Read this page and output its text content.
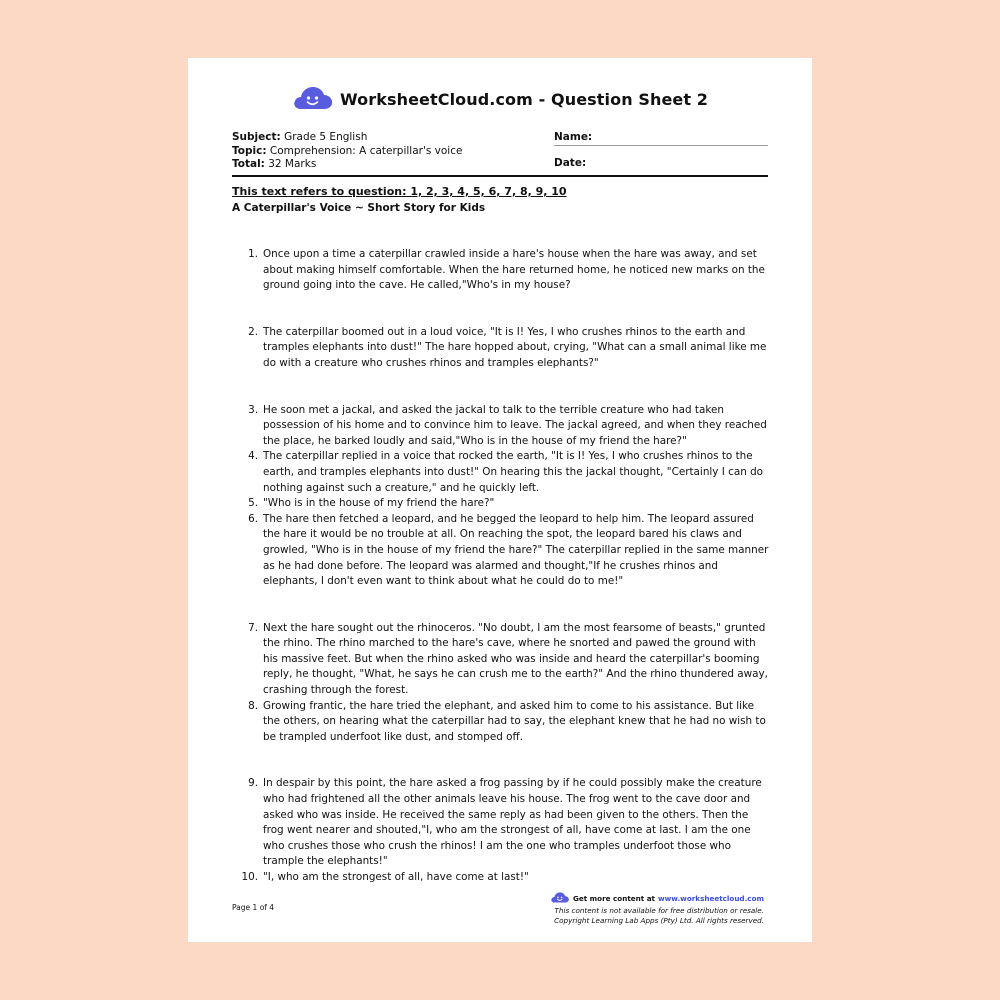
WorksheetCloud.com - Question Sheet 2
Subject: Grade 5 English
Topic: Comprehension: A caterpillar's voice
Total: 32 Marks
Name:
Date:
This text refers to question: 1, 2, 3, 4, 5, 6, 7, 8, 9, 10
A Caterpillar's Voice ~ Short Story for Kids
1. Once upon a time a caterpillar crawled inside a hare's house when the hare was away, and set about making himself comfortable. When the hare returned home, he noticed new marks on the ground going into the cave. He called,"Who's in my house?
2. The caterpillar boomed out in a loud voice, "It is I! Yes, I who crushes rhinos to the earth and tramples elephants into dust!" The hare hopped about, crying, "What can a small animal like me do with a creature who crushes rhinos and tramples elephants?"
3. He soon met a jackal, and asked the jackal to talk to the terrible creature who had taken possession of his home and to convince him to leave. The jackal agreed, and when they reached the place, he barked loudly and said,"Who is in the house of my friend the hare?"
4. The caterpillar replied in a voice that rocked the earth, "It is I! Yes, I who crushes rhinos to the earth, and tramples elephants into dust!" On hearing this the jackal thought, "Certainly I can do nothing against such a creature," and he quickly left.
5. "Who is in the house of my friend the hare?"
6. The hare then fetched a leopard, and he begged the leopard to help him. The leopard assured the hare it would be no trouble at all. On reaching the spot, the leopard bared his claws and growled, "Who is in the house of my friend the hare?" The caterpillar replied in the same manner as he had done before. The leopard was alarmed and thought,"If he crushes rhinos and elephants, I don't even want to think about what he could do to me!"
7. Next the hare sought out the rhinoceros. "No doubt, I am the most fearsome of beasts," grunted the rhino. The rhino marched to the hare's cave, where he snorted and pawed the ground with his massive feet. But when the rhino asked who was inside and heard the caterpillar's booming reply, he thought, "What, he says he can crush me to the earth?" And the rhino thundered away, crashing through the forest.
8. Growing frantic, the hare tried the elephant, and asked him to come to his assistance. But like the others, on hearing what the caterpillar had to say, the elephant knew that he had no wish to be trampled underfoot like dust, and stomped off.
9. In despair by this point, the hare asked a frog passing by if he could possibly make the creature who had frightened all the other animals leave his house. The frog went to the cave door and asked who was inside. He received the same reply as had been given to the others. Then the frog went nearer and shouted,"I, who am the strongest of all, have come at last. I am the one who crushes those who crush the rhinos! I am the one who tramples underfoot those who trample the elephants!"
10. "I, who am the strongest of all, have come at last!"
Page 1 of 4
Get more content at www.worksheetcloud.com
This content is not available for free distribution or resale.
Copyright Learning Lab Apps (Pty) Ltd. All rights reserved.
